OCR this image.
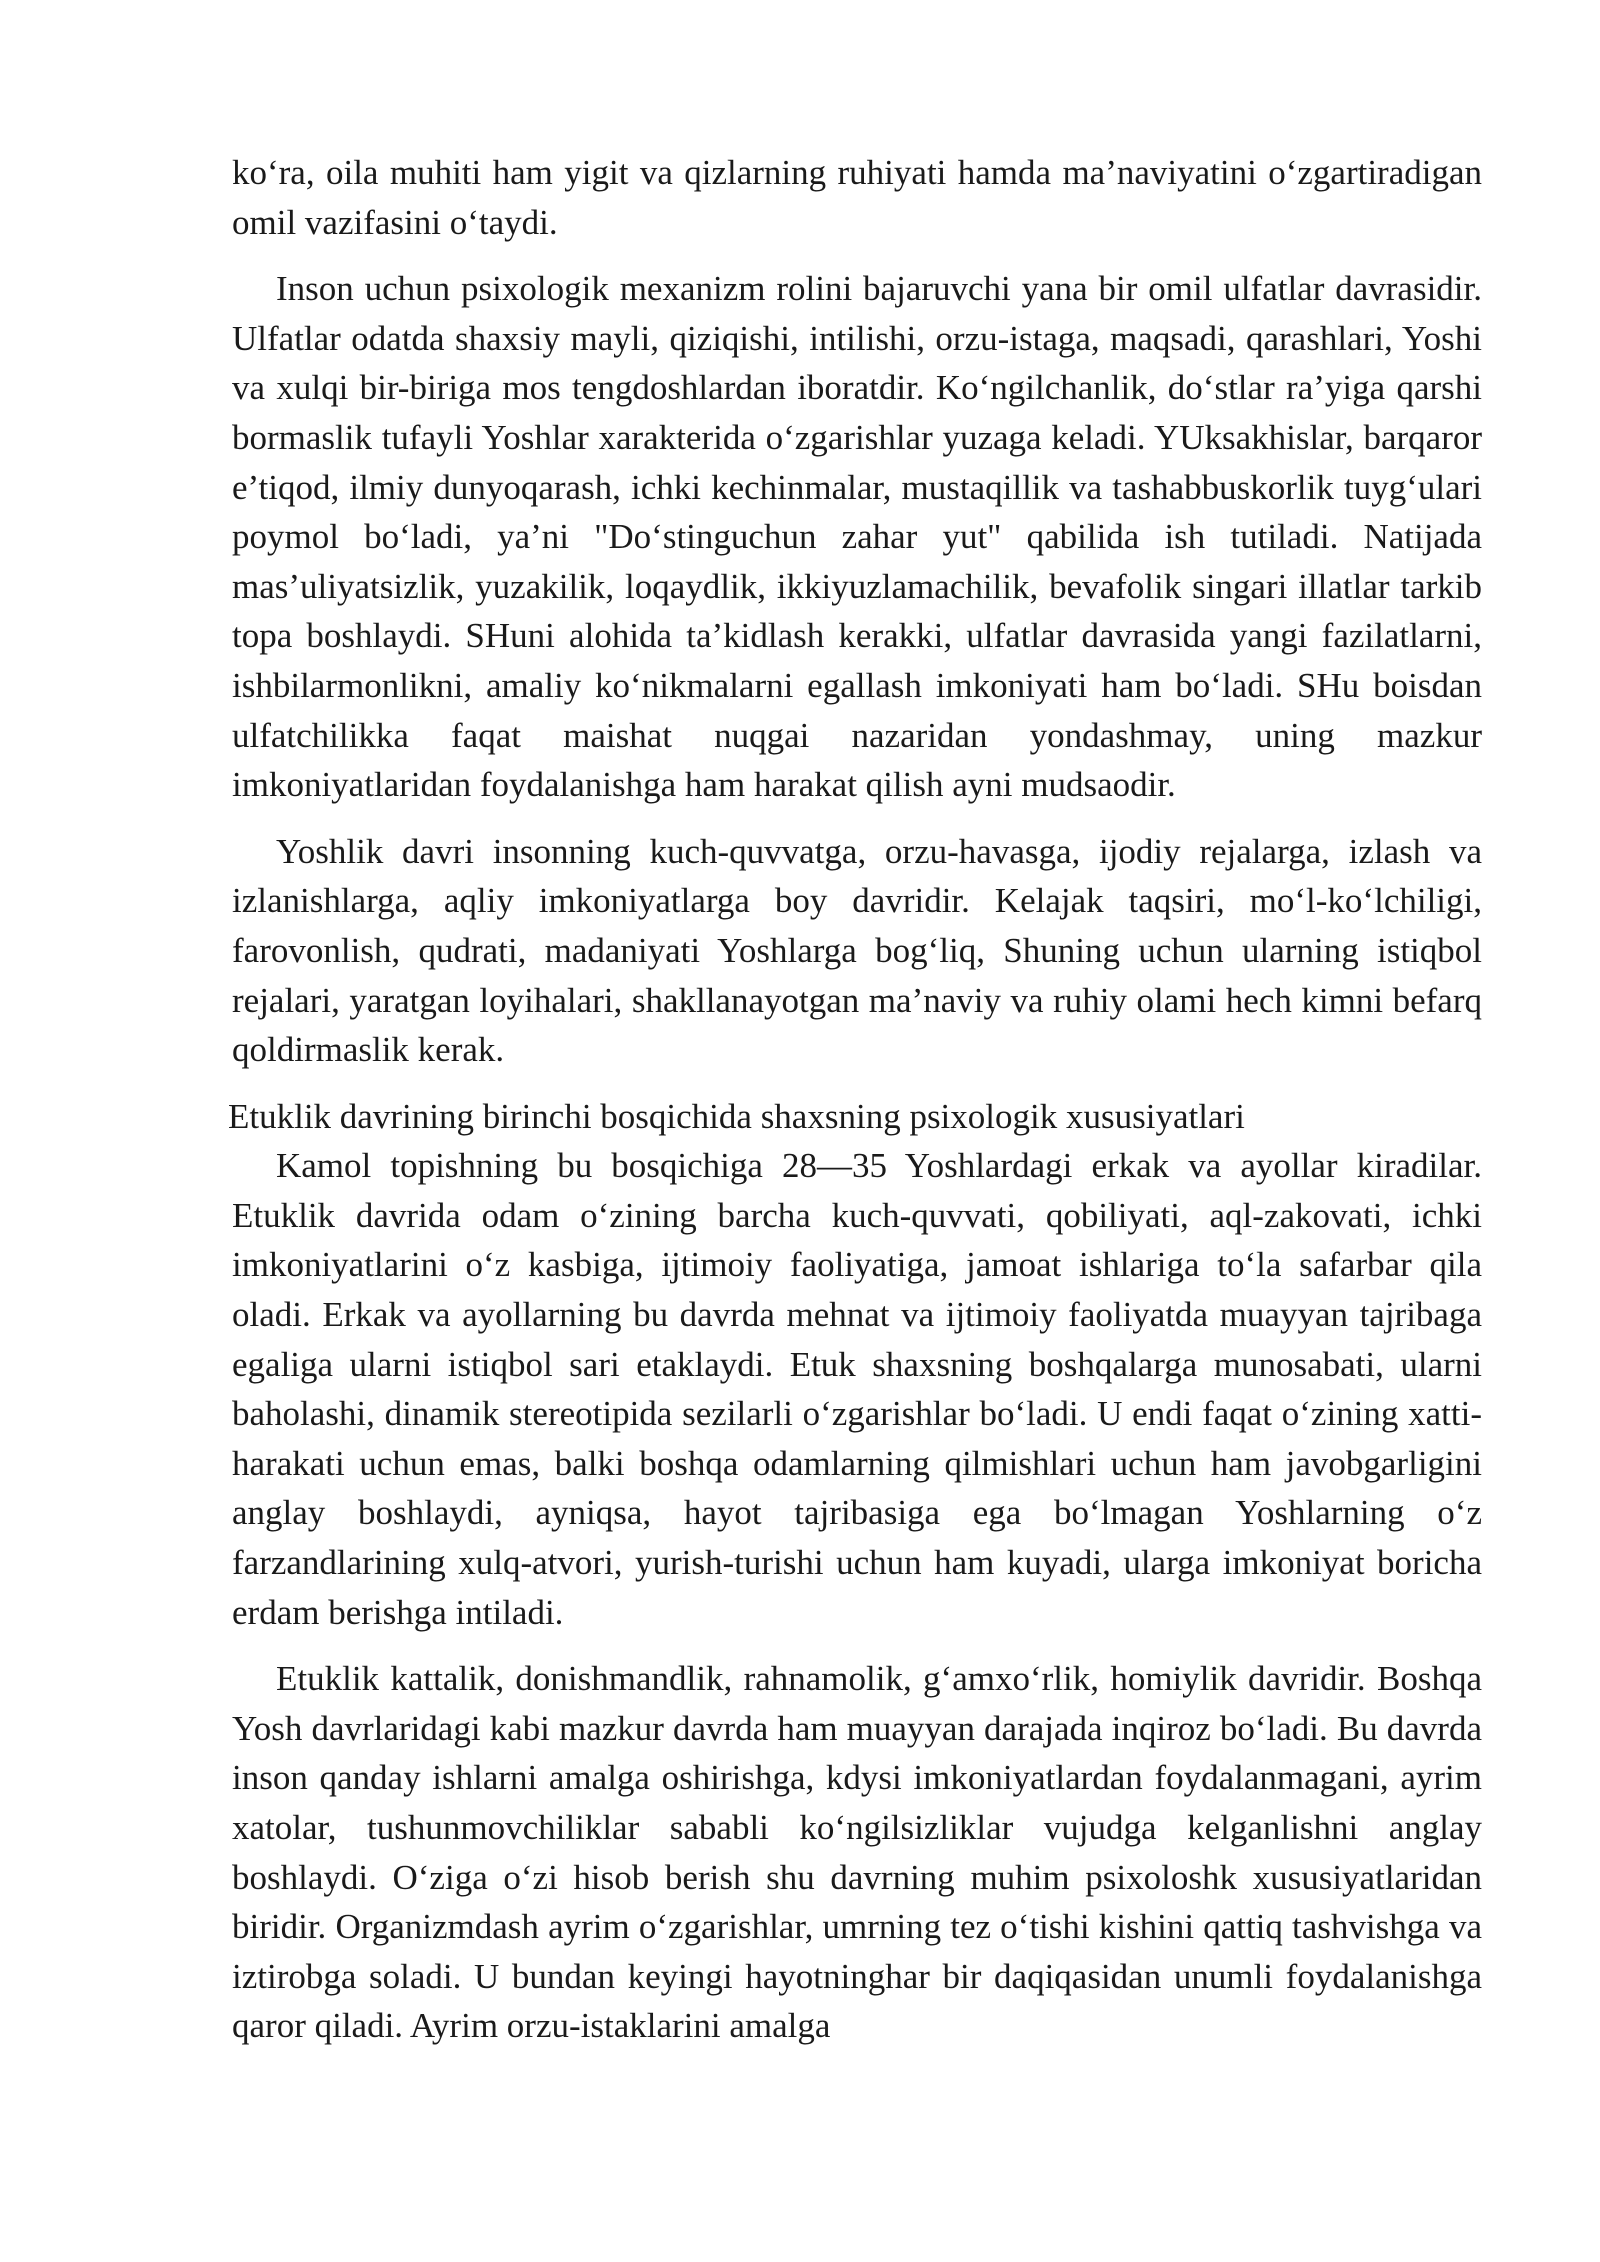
ko‘ra, oila muhiti ham yigit va qizlarning ruhiyati hamda ma’naviyatini o‘zgartiradigan omil vazifasini o‘taydi.

Inson uchun psixologik mexanizm rolini bajaruvchi yana bir omil ulfatlar davrasidir. Ulfatlar odatda shaxsiy mayli, qiziqishi, intilishi, orzu-istaga, maqsadi, qarashlari, Yoshi va xulqi bir-biriga mos tengdoshlardan iboratdir. Ko‘ngilchanlik, do‘stlar ra’yiga qarshi bormaslik tufayli Yoshlar xarakterida o‘zgarishlar yuzaga keladi. YUksakhislar, barqaror e’tiqod, ilmiy dunyoqarash, ichki kechinmalar, mustaqillik va tashabbuskorlik tuyg‘ulari poymol bo‘ladi, ya’ni "Do‘stinguchun zahar yut" qabilida ish tutiladi. Natijada mas’uliyatsizlik, yuzakilik, loqaydlik, ikkiyuzlamachilik, bevafolik singari illatlar tarkib topa boshlaydi. SHuni alohida ta’kidlash kerakki, ulfatlar davrasida yangi fazilatlarni, ishbilarmonlikni, amaliy ko‘nikmalarni egallash imkoniyati ham bo‘ladi. SHu boisdan ulfatchilikka faqat maishat nuqgai nazaridan yondashmay, uning mazkur imkoniyatlaridan foydalanishga ham harakat qilish ayni mudsaodir.

Yoshlik davri insonning kuch-quvvatga, orzu-havasga, ijodiy rejalarga, izlash va izlanishlarga, aqliy imkoniyatlarga boy davridir. Kelajak taqsiri, mo‘l-ko‘lchiligi, farovonlish, qudrati, madaniyati Yoshlarga bog‘liq, Shuning uchun ularning istiqbol rejalari, yaratgan loyihalari, shakllanayotgan ma’naviy va ruhiy olami hech kimni befarq qoldirmaslik kerak.

Etuklik davrining birinchi bosqichida shaxsning psixologik xususiyatlari

Kamol topishning bu bosqichiga 28—35 Yoshlardagi erkak va ayollar kiradilar. Etuklik davrida odam o‘zining barcha kuch-quvvati, qobiliyati, aql-zakovati, ichki imkoniyatlarini o‘z kasbiga, ijtimoiy faoliyatiga, jamoat ishlariga to‘la safarbar qila oladi. Erkak va ayollarning bu davrda mehnat va ijtimoiy faoliyatda muayyan tajribaga egaliga ularni istiqbol sari etaklaydi. Etuk shaxsning boshqalarga munosabati, ularni baholashi, dinamik stereotipida sezilarli o‘zgarishlar bo‘ladi. U endi faqat o‘zining xatti-harakati uchun emas, balki boshqa odamlarning qilmishlari uchun ham javobgarligini anglay boshlaydi, ayniqsa, hayot tajribasiga ega bo‘lmagan Yoshlarning o‘z farzandlarining xulq-atvori, yurish-turishi uchun ham kuyadi, ularga imkoniyat boricha erdam berishga intiladi.

Etuklik kattalik, donishmandlik, rahnamolik, g‘amxo‘rlik, homiylik davridir. Boshqa Yosh davrlaridagi kabi mazkur davrda ham muayyan darajada inqiroz bo‘ladi. Bu davrda inson qanday ishlarni amalga oshirishga, kdysi imkoniyatlardan foydalanmagani, ayrim xatolar, tushunmovchiliklar sababli ko‘ngilsizliklar vujudga kelganlishni anglay boshlaydi. O‘ziga o‘zi hisob berish shu davrning muhim psixoloshk xususiyatlaridan biridir. Organizmdash ayrim o‘zgarishlar, umrning tez o‘tishi kishini qattiq tashvishga va iztirobga soladi. U bundan keyingi hayotninghar bir daqiqasidan unumli foydalanishga qaror qiladi. Ayrim orzu-istaklarini amalga
